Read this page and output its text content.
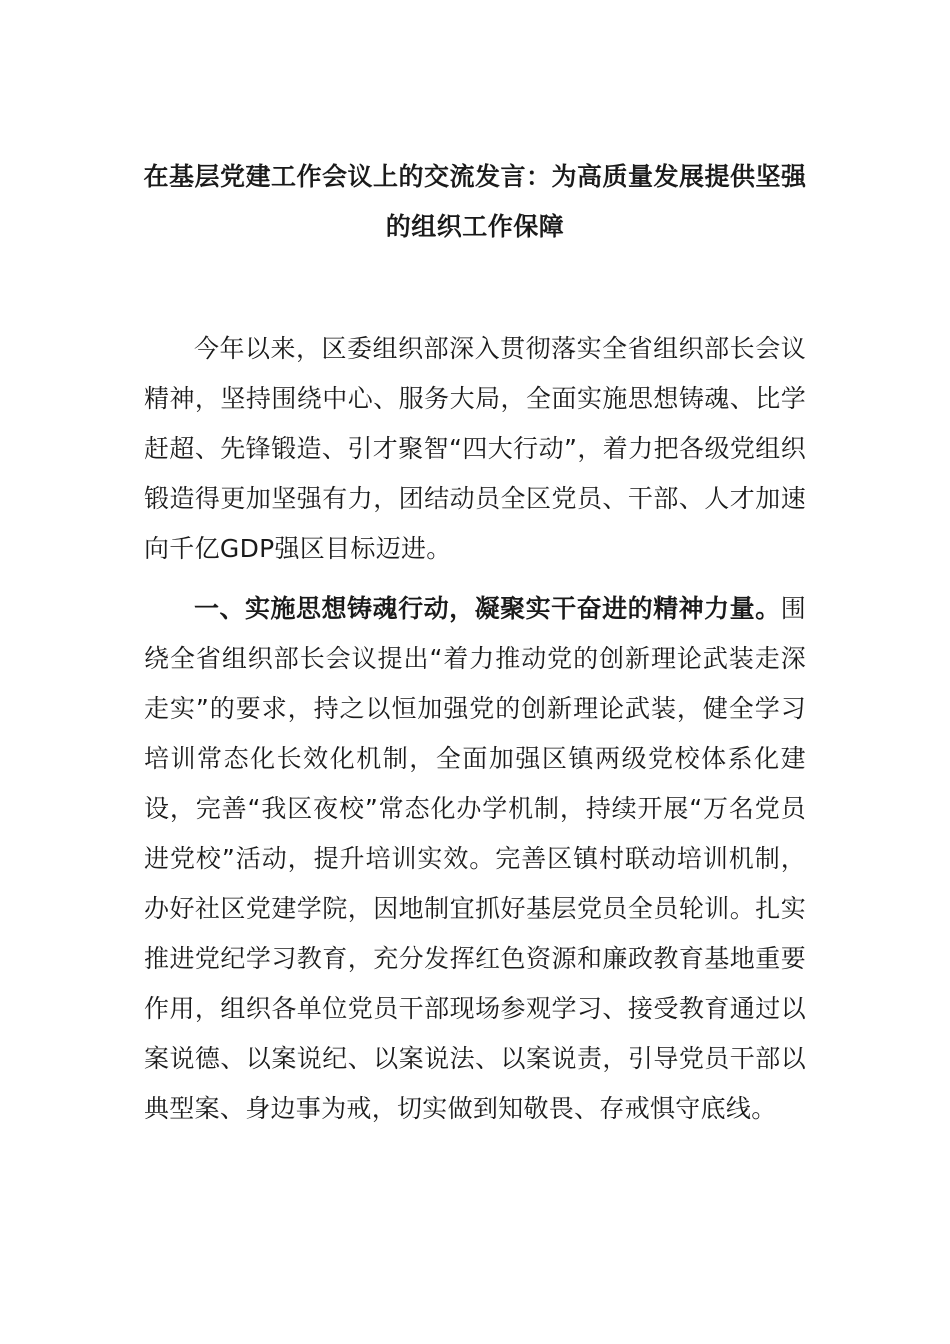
在基层党建工作会议上的交流发言：为高质量发展提供坚强的组织工作保障

今年以来，区委组织部深入贯彻落实全省组织部长会议精神，坚持围绕中心、服务大局，全面实施思想铸魂、比学赶超、先锋锻造、引才聚智“四大行动”，着力把各级党组织锻造得更加坚强有力，团结动员全区党员、干部、人才加速向千亿GDP强区目标迈进。

一、实施思想铸魂行动，凝聚实干奋进的精神力量。围绕全省组织部长会议提出“着力推动党的创新理论武装走深走实”的要求，持之以恒加强党的创新理论武装，健全学习培训常态化长效化机制，全面加强区镇两级党校体系化建设，完善“我区夜校”常态化办学机制，持续开展“万名党员进党校”活动，提升培训实效。完善区镇村联动培训机制，办好社区党建学院，因地制宜抓好基层党员全员轮训。扎实推进党纪学习教育，充分发挥红色资源和廉政教育基地重要作用，组织各单位党员干部现场参观学习、接受教育通过以案说德、以案说纪、以案说法、以案说责，引导党员干部以典型案、身边事为戒，切实做到知敬畏、存戒惧守底线。
